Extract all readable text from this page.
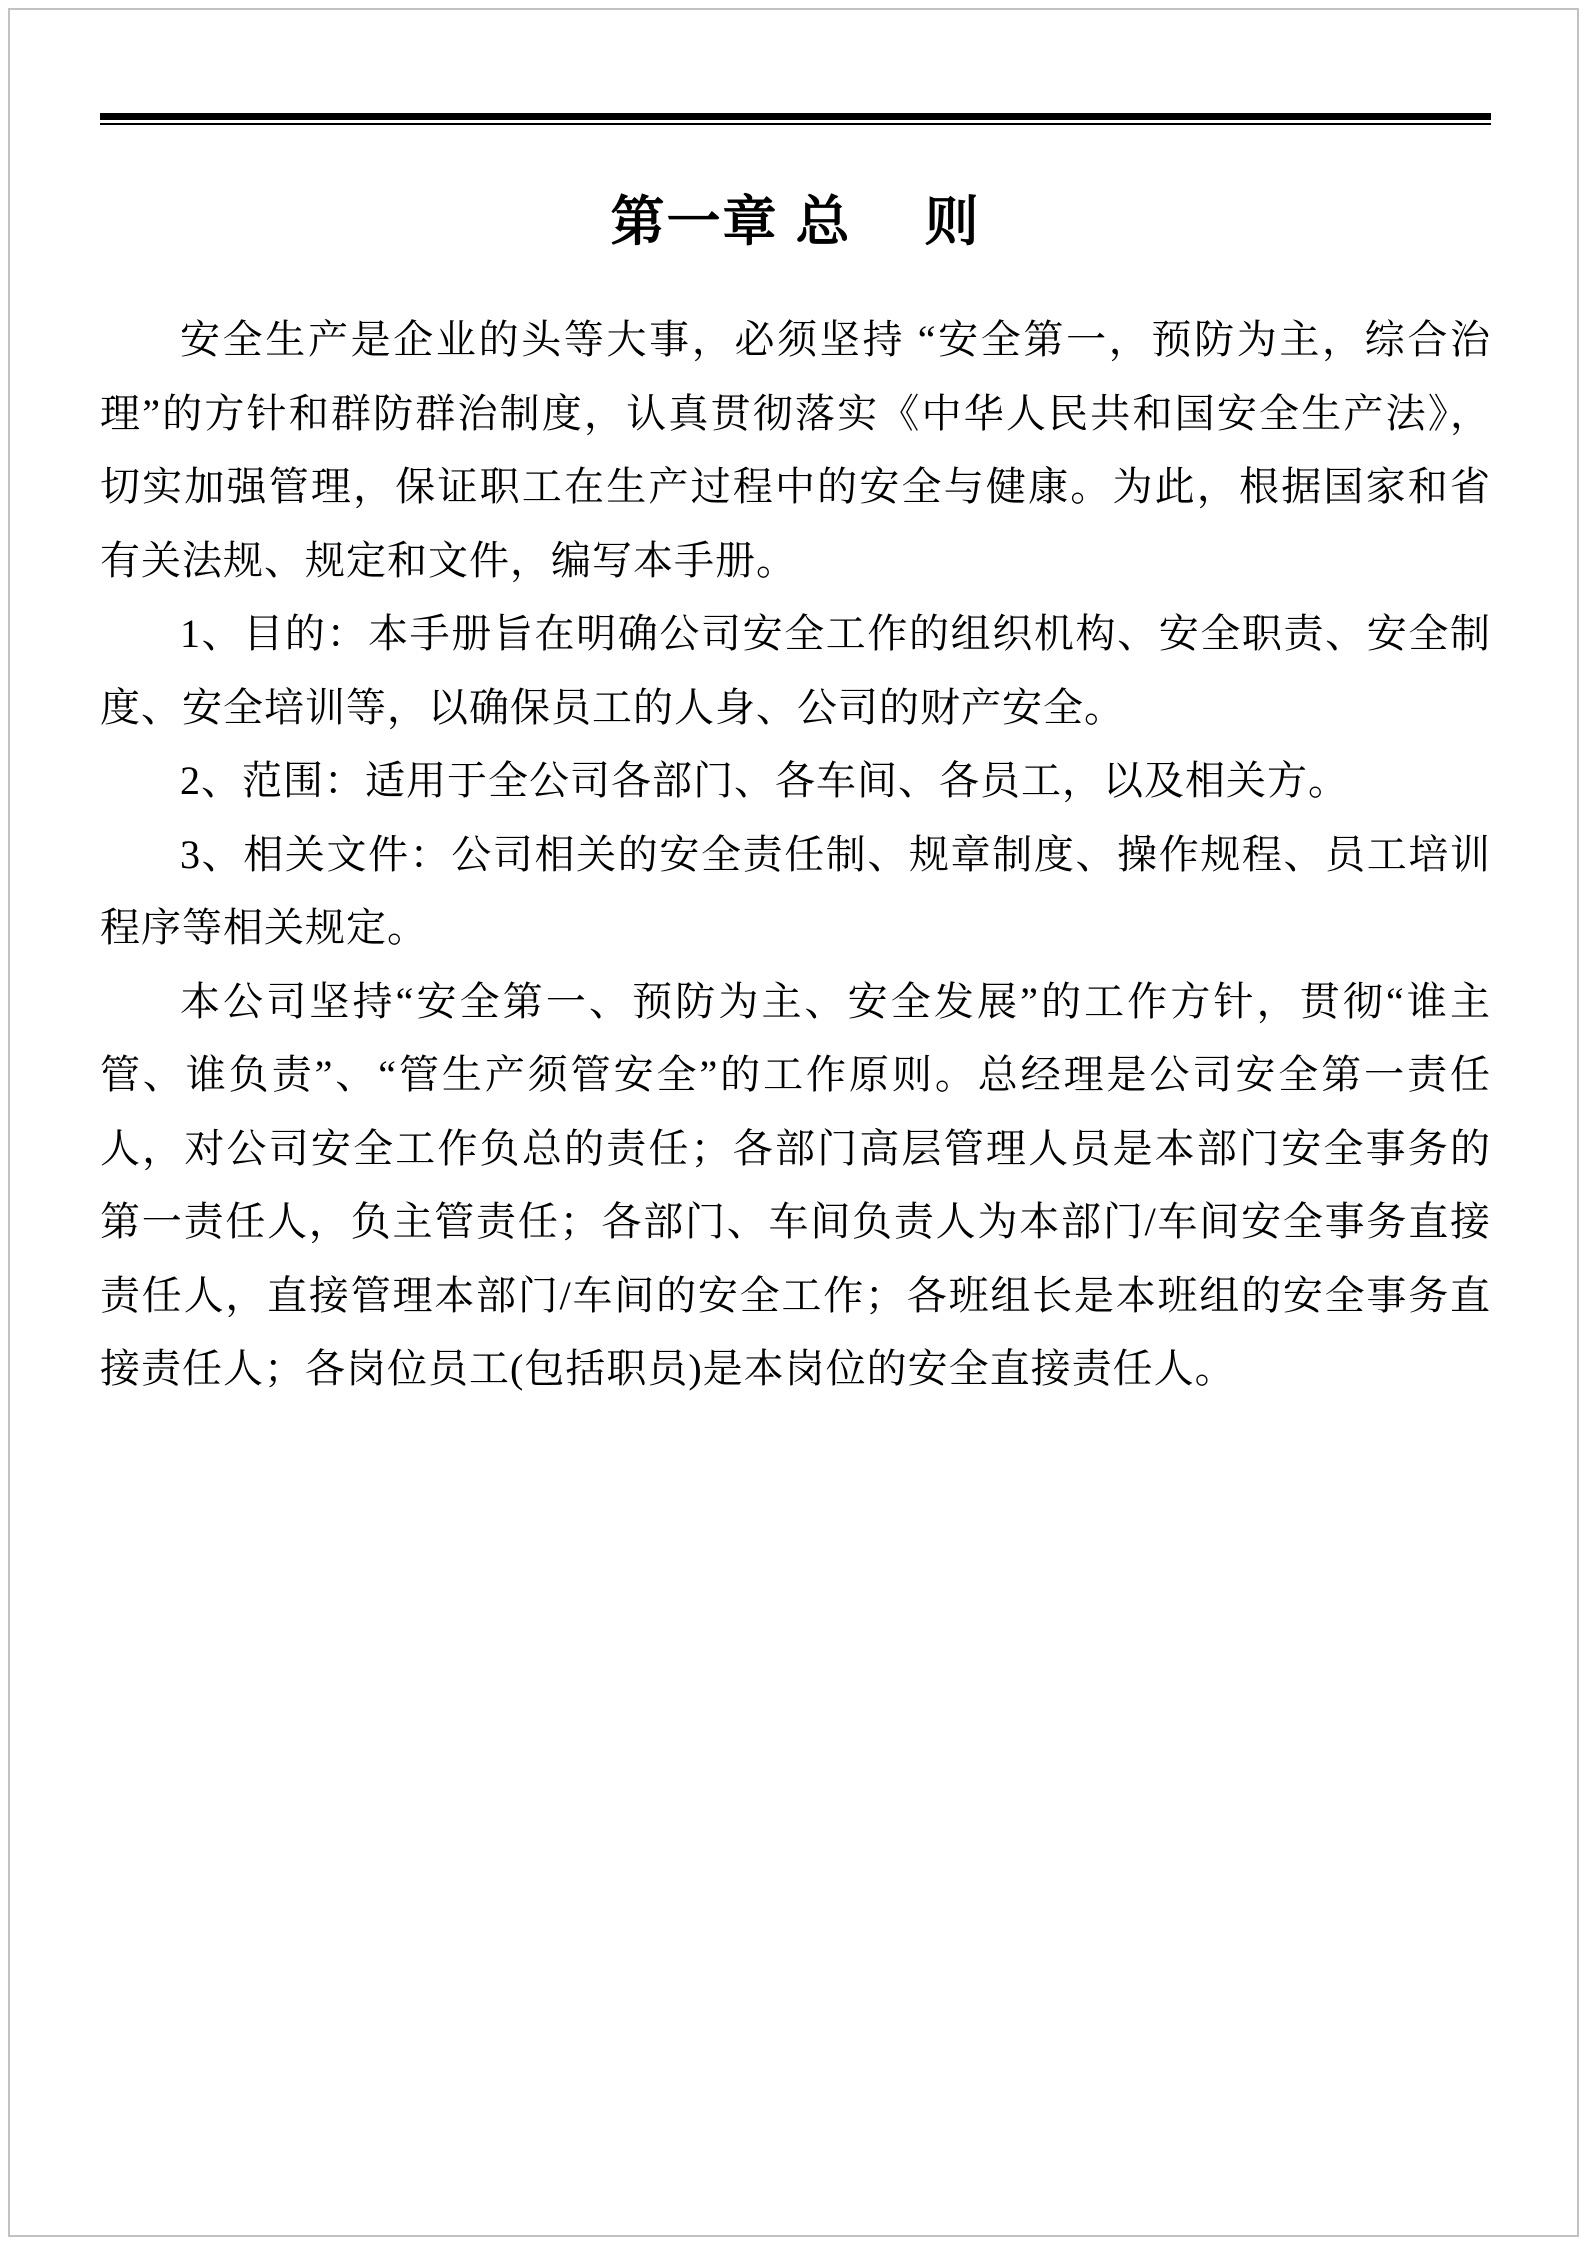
第一章 总　 则

安全生产是企业的头等大事，必须坚持 “安全第一，预防为主，综合治理”的方针和群防群治制度，认真贯彻落实《中华人民共和国安全生产法》，切实加强管理，保证职工在生产过程中的安全与健康。为此，根据国家和省有关法规、规定和文件，编写本手册。

1、目的：本手册旨在明确公司安全工作的组织机构、安全职责、安全制度、安全培训等，以确保员工的人身、公司的财产安全。

2、范围：适用于全公司各部门、各车间、各员工，以及相关方。

3、相关文件：公司相关的安全责任制、规章制度、操作规程、员工培训程序等相关规定。

本公司坚持“安全第一、预防为主、安全发展”的工作方针，贯彻“谁主管、谁负责”、“管生产须管安全”的工作原则。总经理是公司安全第一责任人，对公司安全工作负总的责任；各部门高层管理人员是本部门安全事务的第一责任人，负主管责任；各部门、车间负责人为本部门/车间安全事务直接责任人，直接管理本部门/车间的安全工作；各班组长是本班组的安全事务直接责任人；各岗位员工(包括职员)是本岗位的安全直接责任人。
